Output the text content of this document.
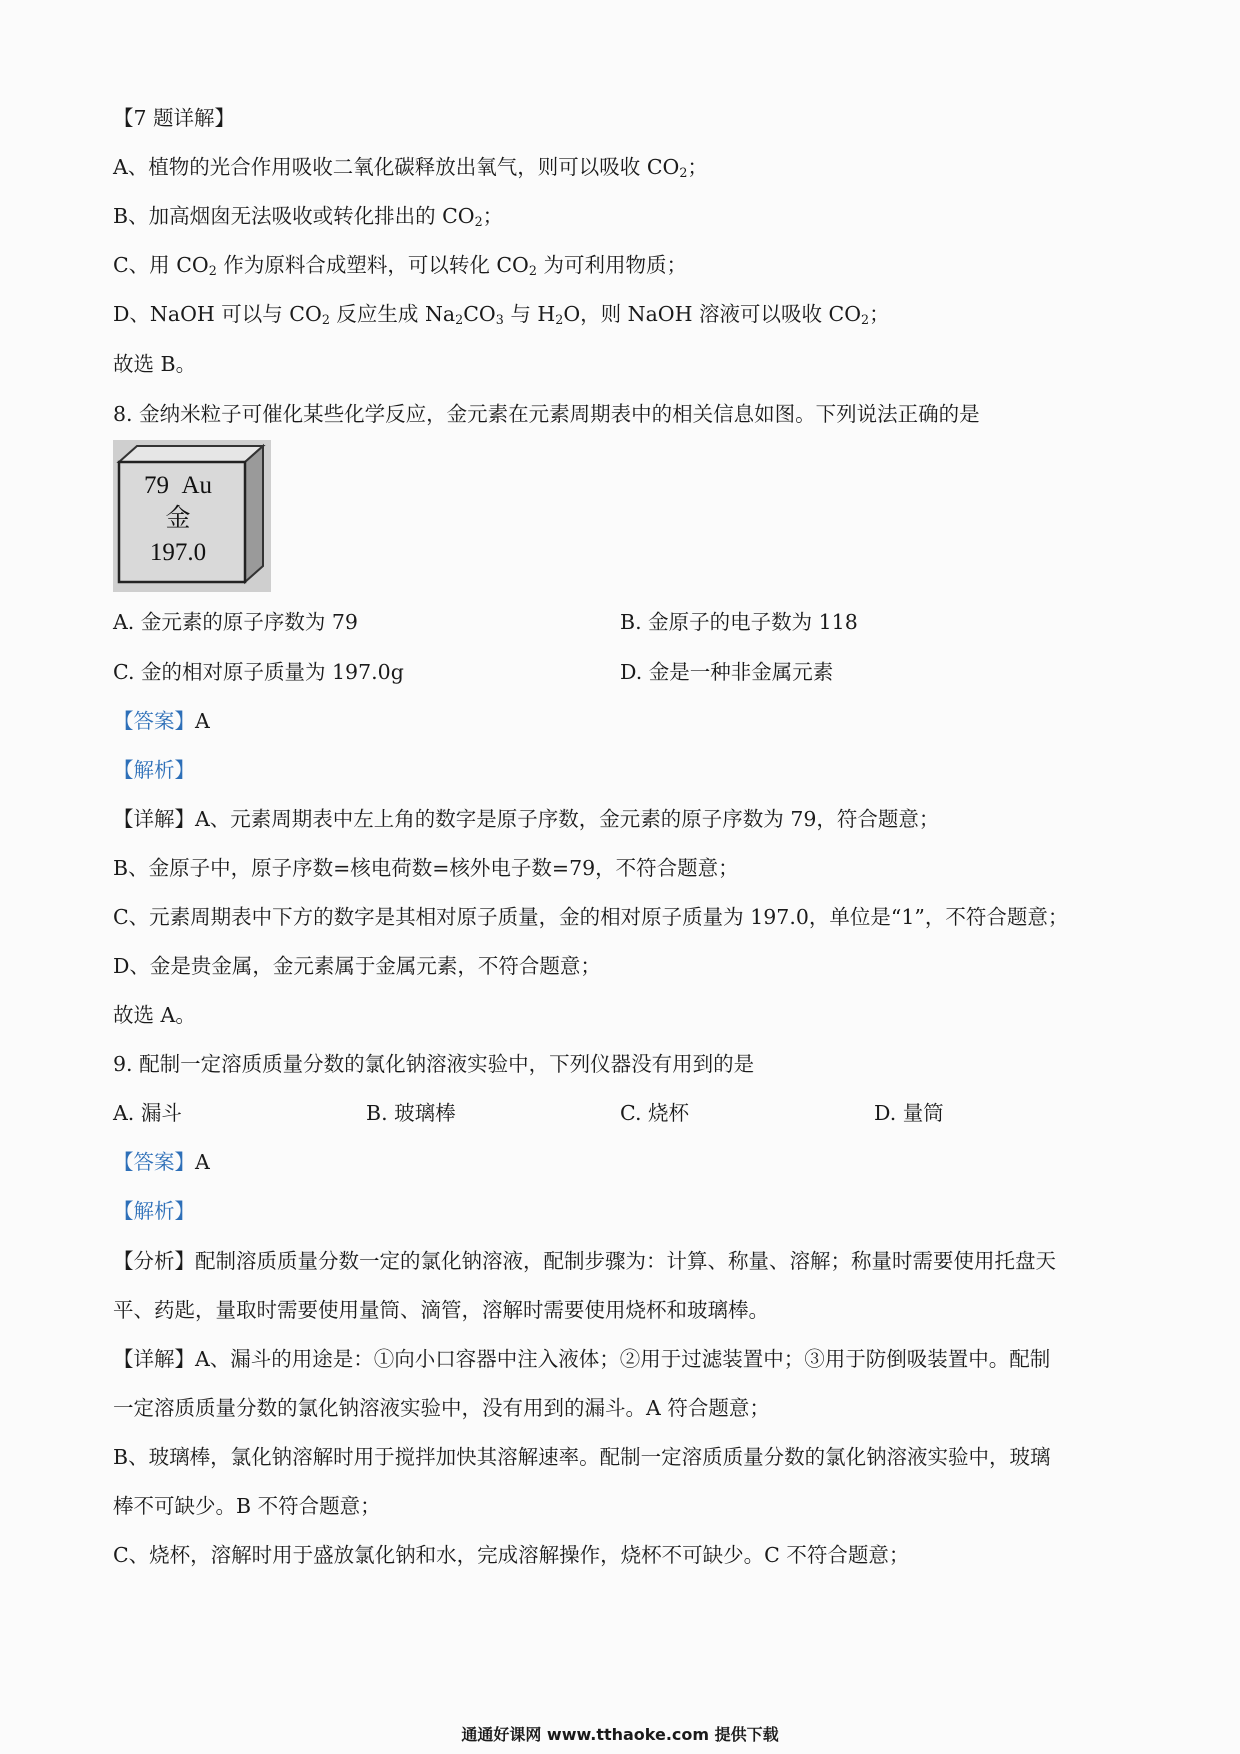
【7 题详解】
A、植物的光合作用吸收二氧化碳释放出氧气，则可以吸收 $CO_2$；
B、加高烟囱无法吸收或转化排出的 $CO_2$；
C、用 $CO_2$ 作为原料合成塑料，可以转化 $CO_2$ 为可利用物质；
D、NaOH 可以与 $CO_2$ 反应生成 $Na_2CO_3$ 与 $H_2O$，则 NaOH 溶液可以吸收 $CO_2$；
故选 B。
8. 金纳米粒子可催化某些化学反应，金元素在元素周期表中的相关信息如图。下列说法正确的是
79 Au
金
197.0
A. 金元素的原子序数为 79	B. 金原子的电子数为 118
C. 金的相对原子质量为 197.0g	D. 金是一种非金属元素
【答案】A
【解析】
【详解】A、元素周期表中左上角的数字是原子序数，金元素的原子序数为 79，符合题意；
B、金原子中，原子序数=核电荷数=核外电子数=79，不符合题意；
C、元素周期表中下方的数字是其相对原子质量，金的相对原子质量为 197.0，单位是“1”，不符合题意；
D、金是贵金属，金元素属于金属元素，不符合题意；
故选 A。
9. 配制一定溶质质量分数的氯化钠溶液实验中，下列仪器没有用到的是
A. 漏斗	B. 玻璃棒	C. 烧杯	D. 量筒
【答案】A
【解析】
【分析】配制溶质质量分数一定的氯化钠溶液，配制步骤为：计算、称量、溶解；称量时需要使用托盘天
平、药匙，量取时需要使用量筒、滴管，溶解时需要使用烧杯和玻璃棒。
【详解】A、漏斗的用途是：①向小口容器中注入液体；②用于过滤装置中；③用于防倒吸装置中。配制
一定溶质质量分数的氯化钠溶液实验中，没有用到的漏斗。A 符合题意；
B、玻璃棒，氯化钠溶解时用于搅拌加快其溶解速率。配制一定溶质质量分数的氯化钠溶液实验中，玻璃
棒不可缺少。B 不符合题意；
C、烧杯，溶解时用于盛放氯化钠和水，完成溶解操作，烧杯不可缺少。C 不符合题意；
通通好课网 www.tthaoke.com 提供下载
